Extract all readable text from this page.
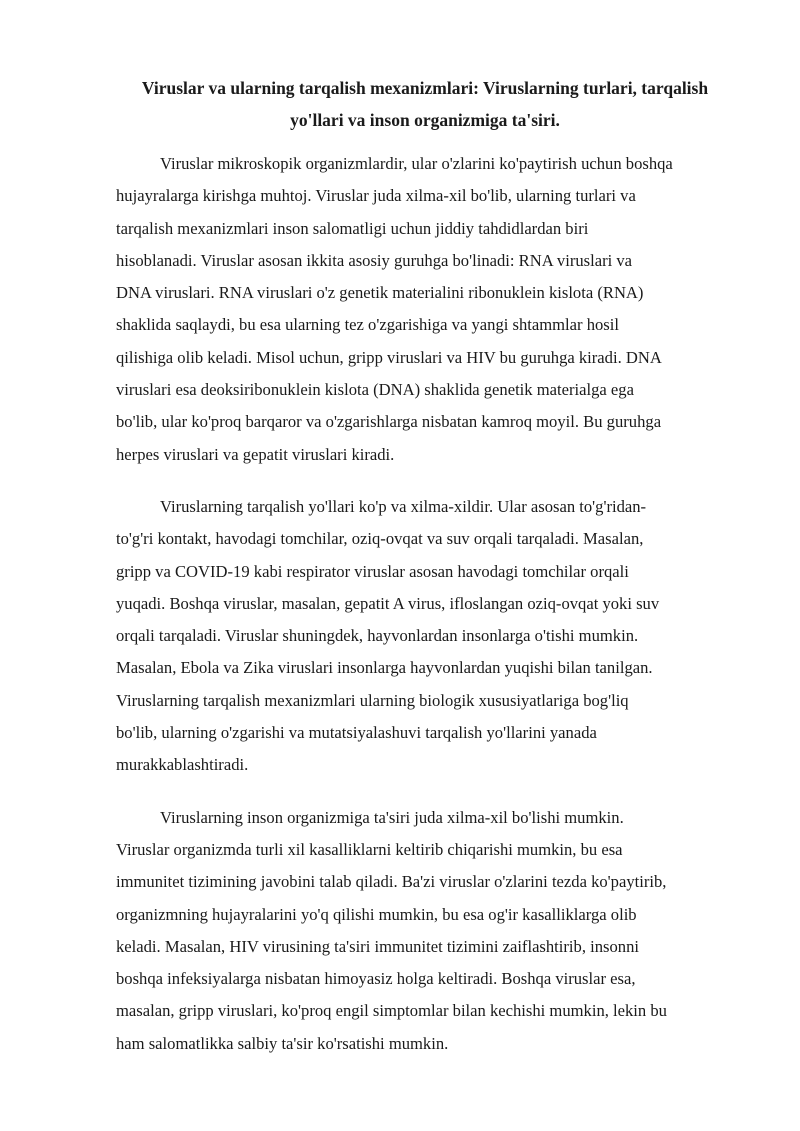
Viruslar va ularning tarqalish mexanizmlari: Viruslarning turlari, tarqalish
yo'llari va inson organizmiga ta'siri.

Viruslar mikroskopik organizmlardir, ular o'zlarini ko'paytirish uchun boshqa
hujayralarga kirishga muhtoj. Viruslar juda xilma-xil bo'lib, ularning turlari va
tarqalish mexanizmlari inson salomatligi uchun jiddiy tahdidlardan biri
hisoblanadi. Viruslar asosan ikkita asosiy guruhga bo'linadi: RNA viruslari va
DNA viruslari. RNA viruslari o'z genetik materialini ribonuklein kislota (RNA)
shaklida saqlaydi, bu esa ularning tez o'zgarishiga va yangi shtammlar hosil
qilishiga olib keladi. Misol uchun, gripp viruslari va HIV bu guruhga kiradi. DNA
viruslari esa deoksiribonuklein kislota (DNA) shaklida genetik materialga ega
bo'lib, ular ko'proq barqaror va o'zgarishlarga nisbatan kamroq moyil. Bu guruhga
herpes viruslari va gepatit viruslari kiradi.

Viruslarning tarqalish yo'llari ko'p va xilma-xildir. Ular asosan to'g'ridan-
to'g'ri kontakt, havodagi tomchilar, oziq-ovqat va suv orqali tarqaladi. Masalan,
gripp va COVID-19 kabi respirator viruslar asosan havodagi tomchilar orqali
yuqadi. Boshqa viruslar, masalan, gepatit A virus, ifloslangan oziq-ovqat yoki suv
orqali tarqaladi. Viruslar shuningdek, hayvonlardan insonlarga o'tishi mumkin.
Masalan, Ebola va Zika viruslari insonlarga hayvonlardan yuqishi bilan tanilgan.
Viruslarning tarqalish mexanizmlari ularning biologik xususiyatlariga bog'liq
bo'lib, ularning o'zgarishi va mutatsiyalashuvi tarqalish yo'llarini yanada
murakkablashtiradi.

Viruslarning inson organizmiga ta'siri juda xilma-xil bo'lishi mumkin.
Viruslar organizmda turli xil kasalliklarni keltirib chiqarishi mumkin, bu esa
immunitet tizimining javobini talab qiladi. Ba'zi viruslar o'zlarini tezda ko'paytirib,
organizmning hujayralarini yo'q qilishi mumkin, bu esa og'ir kasalliklarga olib
keladi. Masalan, HIV virusining ta'siri immunitet tizimini zaiflashtirib, insonni
boshqa infeksiyalarga nisbatan himoyasiz holga keltiradi. Boshqa viruslar esa,
masalan, gripp viruslari, ko'proq engil simptomlar bilan kechishi mumkin, lekin bu
ham salomatlikka salbiy ta'sir ko'rsatishi mumkin.
